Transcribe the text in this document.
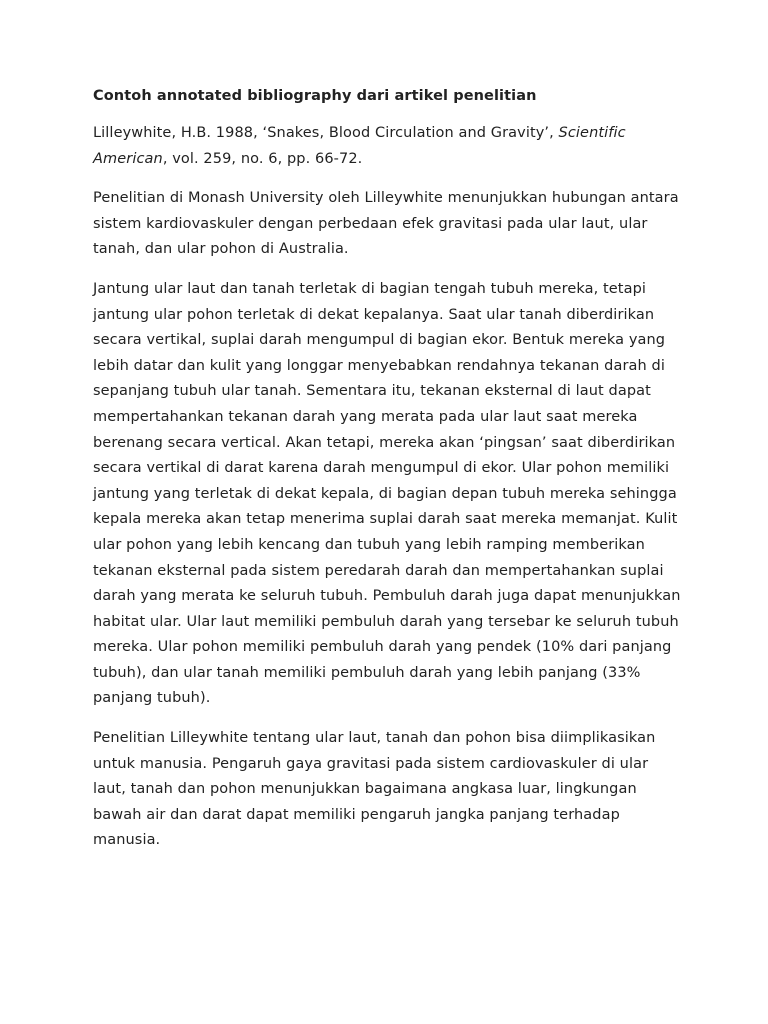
Contoh annotated bibliography dari artikel penelitian
Lilleywhite, H.B. 1988, ‘Snakes, Blood Circulation and Gravity’, Scientific American, vol. 259, no. 6, pp. 66-72.

Penelitian di Monash University oleh Lilleywhite menunjukkan hubungan antara sistem kardiovaskuler dengan perbedaan efek gravitasi pada ular laut, ular tanah, dan ular pohon di Australia.

Jantung ular laut dan tanah terletak di bagian tengah tubuh mereka, tetapi jantung ular pohon terletak di dekat kepalanya. Saat ular tanah diberdirikan secara vertikal, suplai darah mengumpul di bagian ekor. Bentuk mereka yang lebih datar dan kulit yang longgar menyebabkan rendahnya tekanan darah di sepanjang tubuh ular tanah. Sementara itu, tekanan eksternal di laut dapat mempertahankan tekanan darah yang merata pada ular laut saat mereka berenang secara vertical. Akan tetapi, mereka akan ‘pingsan’ saat diberdirikan secara vertikal di darat karena darah mengumpul di ekor. Ular pohon memiliki jantung yang terletak di dekat kepala, di bagian depan tubuh mereka sehingga kepala mereka akan tetap menerima suplai darah saat mereka memanjat. Kulit ular pohon yang lebih kencang dan tubuh yang lebih ramping memberikan tekanan eksternal pada sistem peredarah darah dan mempertahankan suplai darah yang merata ke seluruh tubuh. Pembuluh darah juga dapat menunjukkan habitat ular. Ular laut memiliki pembuluh darah yang tersebar ke seluruh tubuh mereka. Ular pohon memiliki pembuluh darah yang pendek (10% dari panjang tubuh), dan ular tanah memiliki pembuluh darah yang lebih panjang (33% panjang tubuh).

Penelitian Lilleywhite tentang ular laut, tanah dan pohon bisa diimplikasikan untuk manusia. Pengaruh gaya gravitasi pada sistem cardiovaskuler di ular laut, tanah dan pohon menunjukkan bagaimana angkasa luar, lingkungan bawah air dan darat dapat memiliki pengaruh jangka panjang terhadap manusia.
